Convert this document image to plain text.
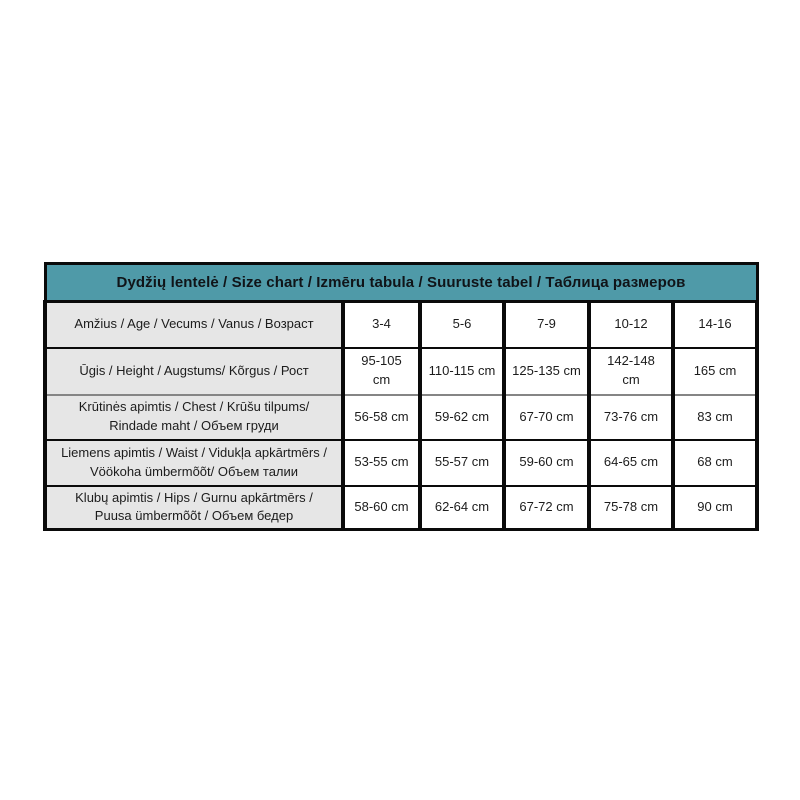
Dydžių lentelė / Size chart / Izmēru tabula / Suuruste tabel / Таблица размеров					
Amžius / Age / Vecums / Vanus / Возраст	3-4	5-6	7-9	10-12	14-16
Ūgis / Height / Augstums/ Kõrgus / Рост	95-105 cm	110-115 cm	125-135 cm	142-148 cm	165 cm
Krūtinės apimtis / Chest / Krūšu tilpums/ Rindade maht / Объем груди	56-58 cm	59-62 cm	67-70 cm	73-76 cm	83 cm
Liemens apimtis / Waist / Vidukļa apkārtmērs / Vöökoha ümbermõõt/ Объем талии	53-55 cm	55-57 cm	59-60 cm	64-65 cm	68 cm
Klubų apimtis / Hips / Gurnu apkārtmērs / Puusa ümbermõõt / Объем бедер	58-60 cm	62-64 cm	67-72 cm	75-78 cm	90 cm
